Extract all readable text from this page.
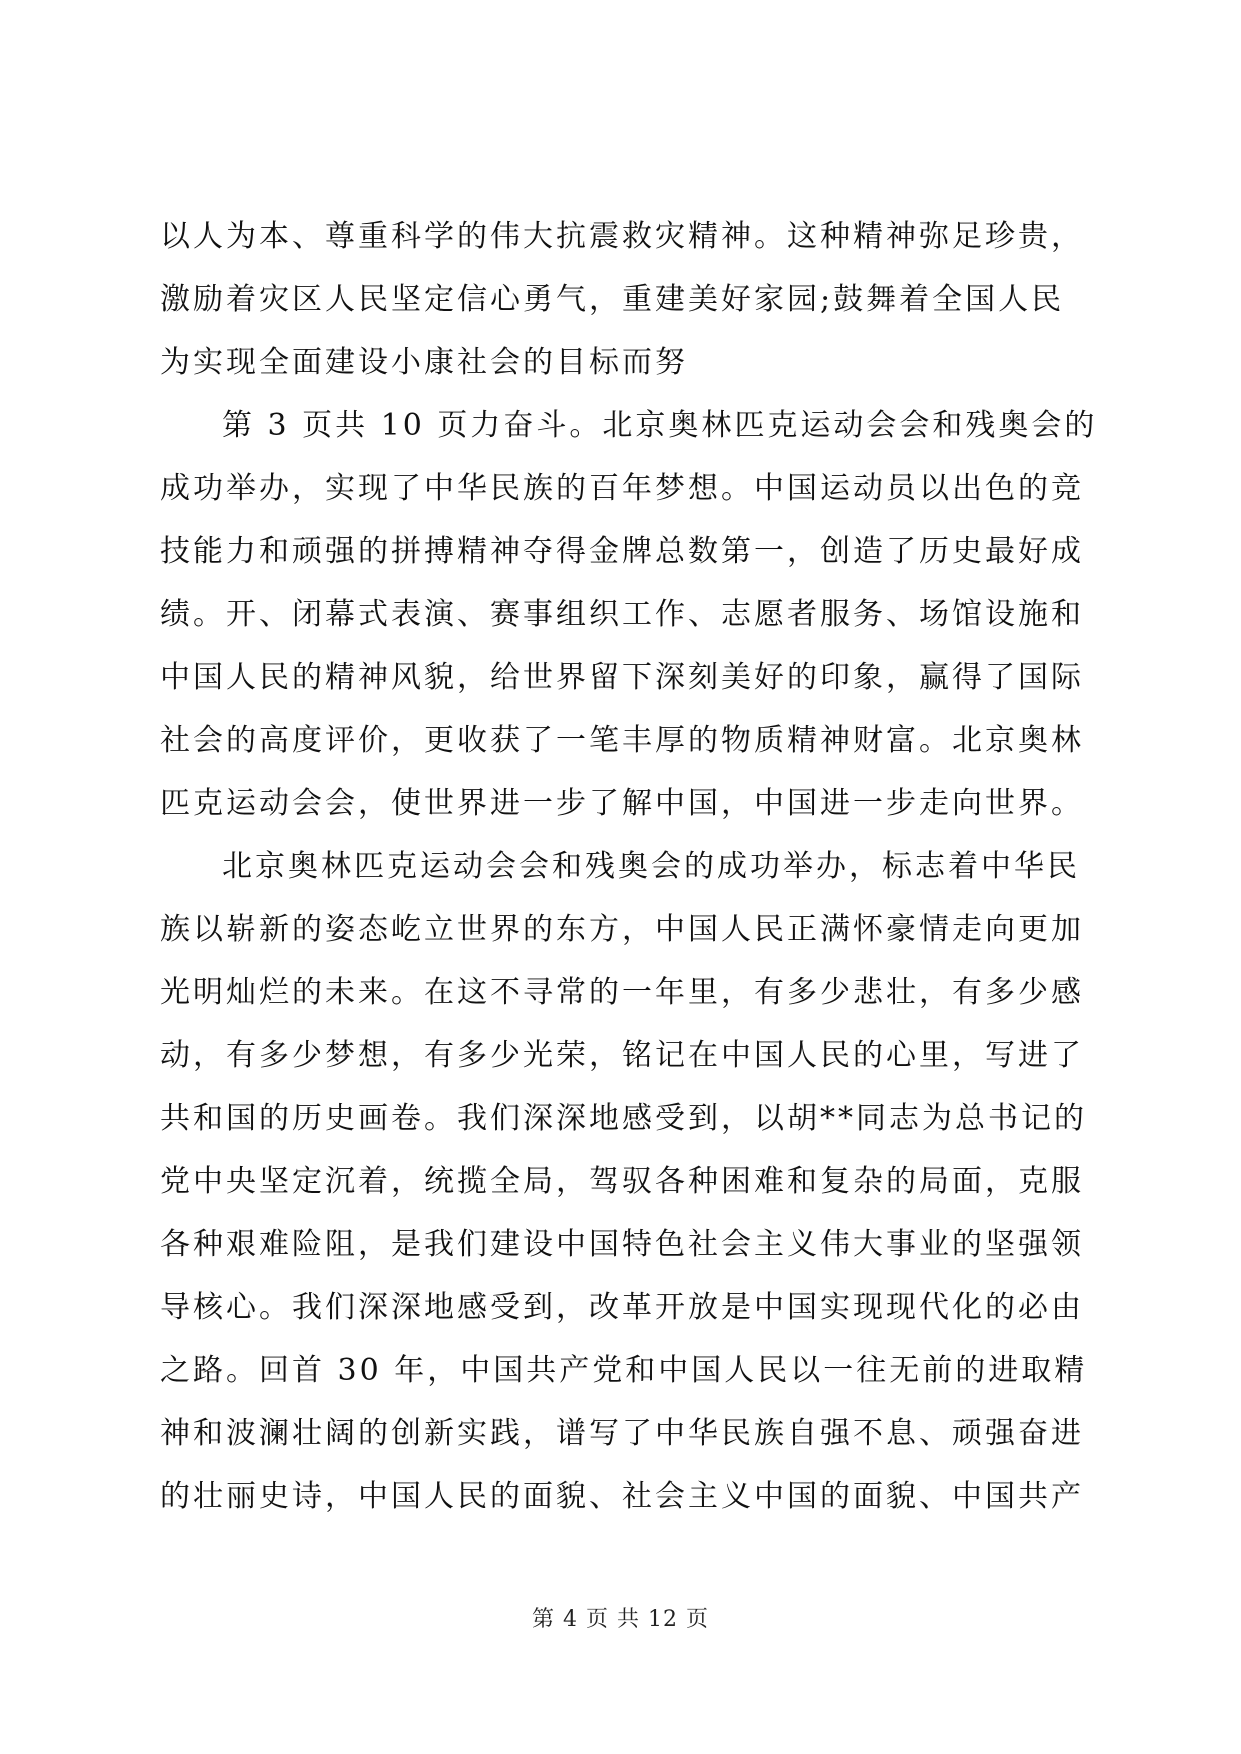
以人为本、尊重科学的伟大抗震救灾精神。这种精神弥足珍贵，
激励着灾区人民坚定信心勇气，重建美好家园;鼓舞着全国人民
为实现全面建设小康社会的目标而努

第 3 页共 10 页力奋斗。北京奥林匹克运动会会和残奥会的
成功举办，实现了中华民族的百年梦想。中国运动员以出色的竞
技能力和顽强的拼搏精神夺得金牌总数第一，创造了历史最好成
绩。开、闭幕式表演、赛事组织工作、志愿者服务、场馆设施和
中国人民的精神风貌，给世界留下深刻美好的印象，赢得了国际
社会的高度评价，更收获了一笔丰厚的物质精神财富。北京奥林
匹克运动会会，使世界进一步了解中国，中国进一步走向世界。

北京奥林匹克运动会会和残奥会的成功举办，标志着中华民
族以崭新的姿态屹立世界的东方，中国人民正满怀豪情走向更加
光明灿烂的未来。在这不寻常的一年里，有多少悲壮，有多少感
动，有多少梦想，有多少光荣，铭记在中国人民的心里，写进了
共和国的历史画卷。我们深深地感受到，以胡**同志为总书记的
党中央坚定沉着，统揽全局，驾驭各种困难和复杂的局面，克服
各种艰难险阻，是我们建设中国特色社会主义伟大事业的坚强领
导核心。我们深深地感受到，改革开放是中国实现现代化的必由
之路。回首 30 年，中国共产党和中国人民以一往无前的进取精
神和波澜壮阔的创新实践，谱写了中华民族自强不息、顽强奋进
的壮丽史诗，中国人民的面貌、社会主义中国的面貌、中国共产

第 4 页 共 12 页
